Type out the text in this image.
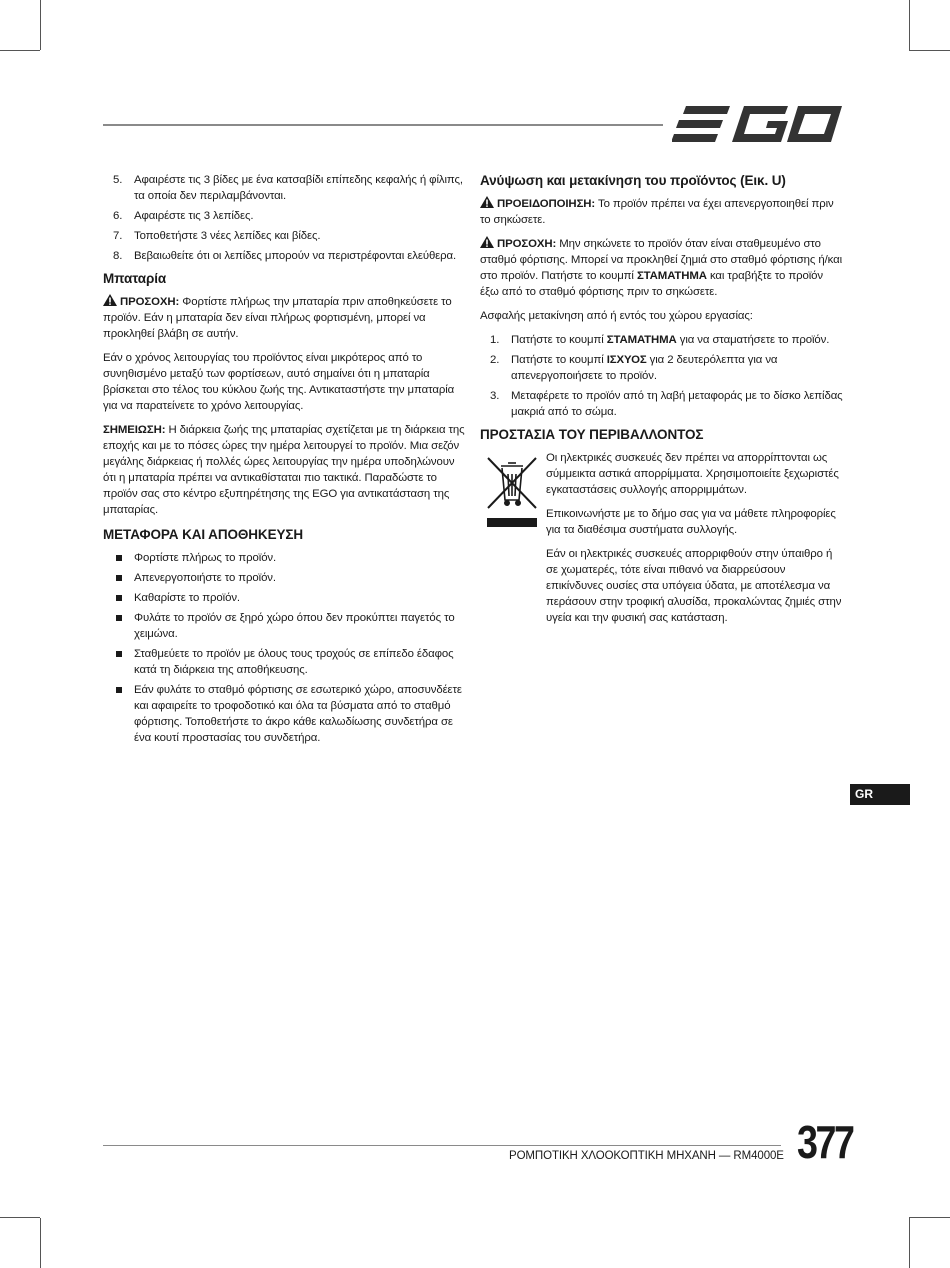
5. Αφαιρέστε τις 3 βίδες με ένα κατσαβίδι επίπεδης κεφαλής ή φίλιπς, τα οποία δεν περιλαμβάνονται.
6. Αφαιρέστε τις 3 λεπίδες.
7. Τοποθετήστε 3 νέες λεπίδες και βίδες.
8. Βεβαιωθείτε ότι οι λεπίδες μπορούν να περιστρέφονται ελεύθερα.
Μπαταρία

ΠΡΟΣΟΧΗ: Φορτίστε πλήρως την μπαταρία πριν αποθηκεύσετε το προϊόν. Εάν η μπαταρία δεν είναι πλήρως φορτισμένη, μπορεί να προκληθεί βλάβη σε αυτήν.

Εάν ο χρόνος λειτουργίας του προϊόντος είναι μικρότερος από το συνηθισμένο μεταξύ των φορτίσεων, αυτό σημαίνει ότι η μπαταρία βρίσκεται στο τέλος του κύκλου ζωής της. Αντικαταστήστε την μπαταρία για να παρατείνετε το χρόνο λειτουργίας.

ΣΗΜΕΙΩΣΗ: Η διάρκεια ζωής της μπαταρίας σχετίζεται με τη διάρκεια της εποχής και με το πόσες ώρες την ημέρα λειτουργεί το προϊόν. Μια σεζόν μεγάλης διάρκειας ή πολλές ώρες λειτουργίας την ημέρα υποδηλώνουν ότι η μπαταρία πρέπει να αντικαθίσταται πιο τακτικά. Παραδώστε το προϊόν σας στο κέντρο εξυπηρέτησης της EGO για αντικατάσταση της μπαταρίας.

ΜΕΤΑΦΟΡΑ ΚΑΙ ΑΠΟΘΗΚΕΥΣΗ
Φορτίστε πλήρως το προϊόν.
Απενεργοποιήστε το προϊόν.
Καθαρίστε το προϊόν.
Φυλάτε το προϊόν σε ξηρό χώρο όπου δεν προκύπτει παγετός το χειμώνα.
Σταθμεύετε το προϊόν με όλους τους τροχούς σε επίπεδο έδαφος κατά τη διάρκεια της αποθήκευσης.
Εάν φυλάτε το σταθμό φόρτισης σε εσωτερικό χώρο, αποσυνδέετε και αφαιρείτε το τροφοδοτικό και όλα τα βύσματα από το σταθμό φόρτισης. Τοποθετήστε το άκρο κάθε καλωδίωσης συνδετήρα σε ένα κουτί προστασίας του συνδετήρα.
Ανύψωση και μετακίνηση του προϊόντος (Εικ. U)

ΠΡΟΕΙΔΟΠΟΙΗΣΗ: Το προϊόν πρέπει να έχει απενεργοποιηθεί πριν το σηκώσετε.

ΠΡΟΣΟΧΗ: Μην σηκώνετε το προϊόν όταν είναι σταθμευμένο στο σταθμό φόρτισης. Μπορεί να προκληθεί ζημιά στο σταθμό φόρτισης ή/και στο προϊόν. Πατήστε το κουμπί ΣΤΑΜΑΤΗΜΑ και τραβήξτε το προϊόν έξω από το σταθμό φόρτισης πριν το σηκώσετε.

Ασφαλής μετακίνηση από ή εντός του χώρου εργασίας:

1. Πατήστε το κουμπί ΣΤΑΜΑΤΗΜΑ για να σταματήσετε το προϊόν.
2. Πατήστε το κουμπί ΙΣΧΥΟΣ για 2 δευτερόλεπτα για να απενεργοποιήσετε το προϊόν.
3. Μεταφέρετε το προϊόν από τη λαβή μεταφοράς με το δίσκο λεπίδας μακριά από το σώμα.
ΠΡΟΣΤΑΣΙΑ ΤΟΥ ΠΕΡΙΒΑΛΛΟΝΤΟΣ

Οι ηλεκτρικές συσκευές δεν πρέπει να απορρίπτονται ως σύμμεικτα αστικά απορρίμματα. Χρησιμοποιείτε ξεχωριστές εγκαταστάσεις συλλογής απορριμμάτων.

Επικοινωνήστε με το δήμο σας για να μάθετε πληροφορίες για τα διαθέσιμα συστήματα συλλογής.

Εάν οι ηλεκτρικές συσκευές απορριφθούν στην ύπαιθρο ή σε χωματερές, τότε είναι πιθανό να διαρρεύσουν επικίνδυνες ουσίες στα υπόγεια ύδατα, με αποτέλεσμα να περάσουν στην τροφική αλυσίδα, προκαλώντας ζημιές στην υγεία και την φυσική σας κατάσταση.

GR
ΡΟΜΠΟΤΙΚΗ ΧΛΟΟΚΟΠΤΙΚΗ ΜΗΧΑΝΗ — RM4000E 377
